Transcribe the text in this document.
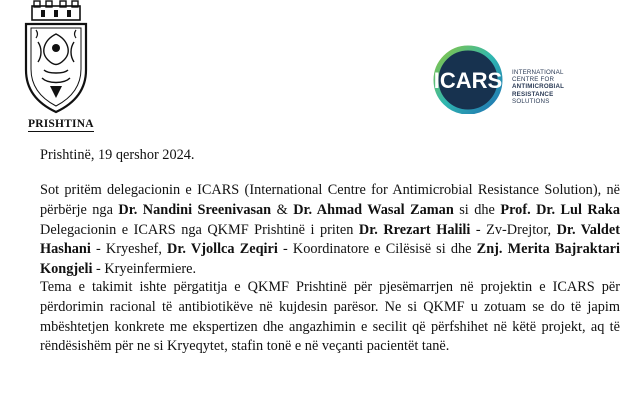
PRISHTINA
ICARS INTERNATIONAL
CENTRE FOR
ANTIMICROBIAL
RESISTANCE
SOLUTIONS
Prishtinë, 19 qershor 2024.

Sot pritëm delegacionin e ICARS (International Centre for Antimicrobial Resistance Solution), në përbërje nga Dr. Nandini Sreenivasan & Dr. Ahmad Wasal Zaman si dhe Prof. Dr. Lul Raka Delegacionin e ICARS nga QKMF Prishtinë i priten Dr. Rrezart Halili - Zv-Drejtor, Dr. Valdet Hashani - Kryeshef, Dr. Vjollca Zeqiri - Koordinatore e Cilësisë si dhe Znj. Merita Bajraktari Kongjeli - Kryeinfermiere.

Tema e takimit ishte përgatitja e QKMF Prishtinë për pjesëmarrjen në projektin e ICARS për përdorimin racional të antibiotikëve në kujdesin parësor. Ne si QKMF u zotuam se do të japim mbështetjen konkrete me ekspertizen dhe angazhimin e secilit që përfshihet në këtë projekt, aq të rëndësishëm për ne si Kryeqytet, stafin tonë e në veçanti pacientët tanë.
